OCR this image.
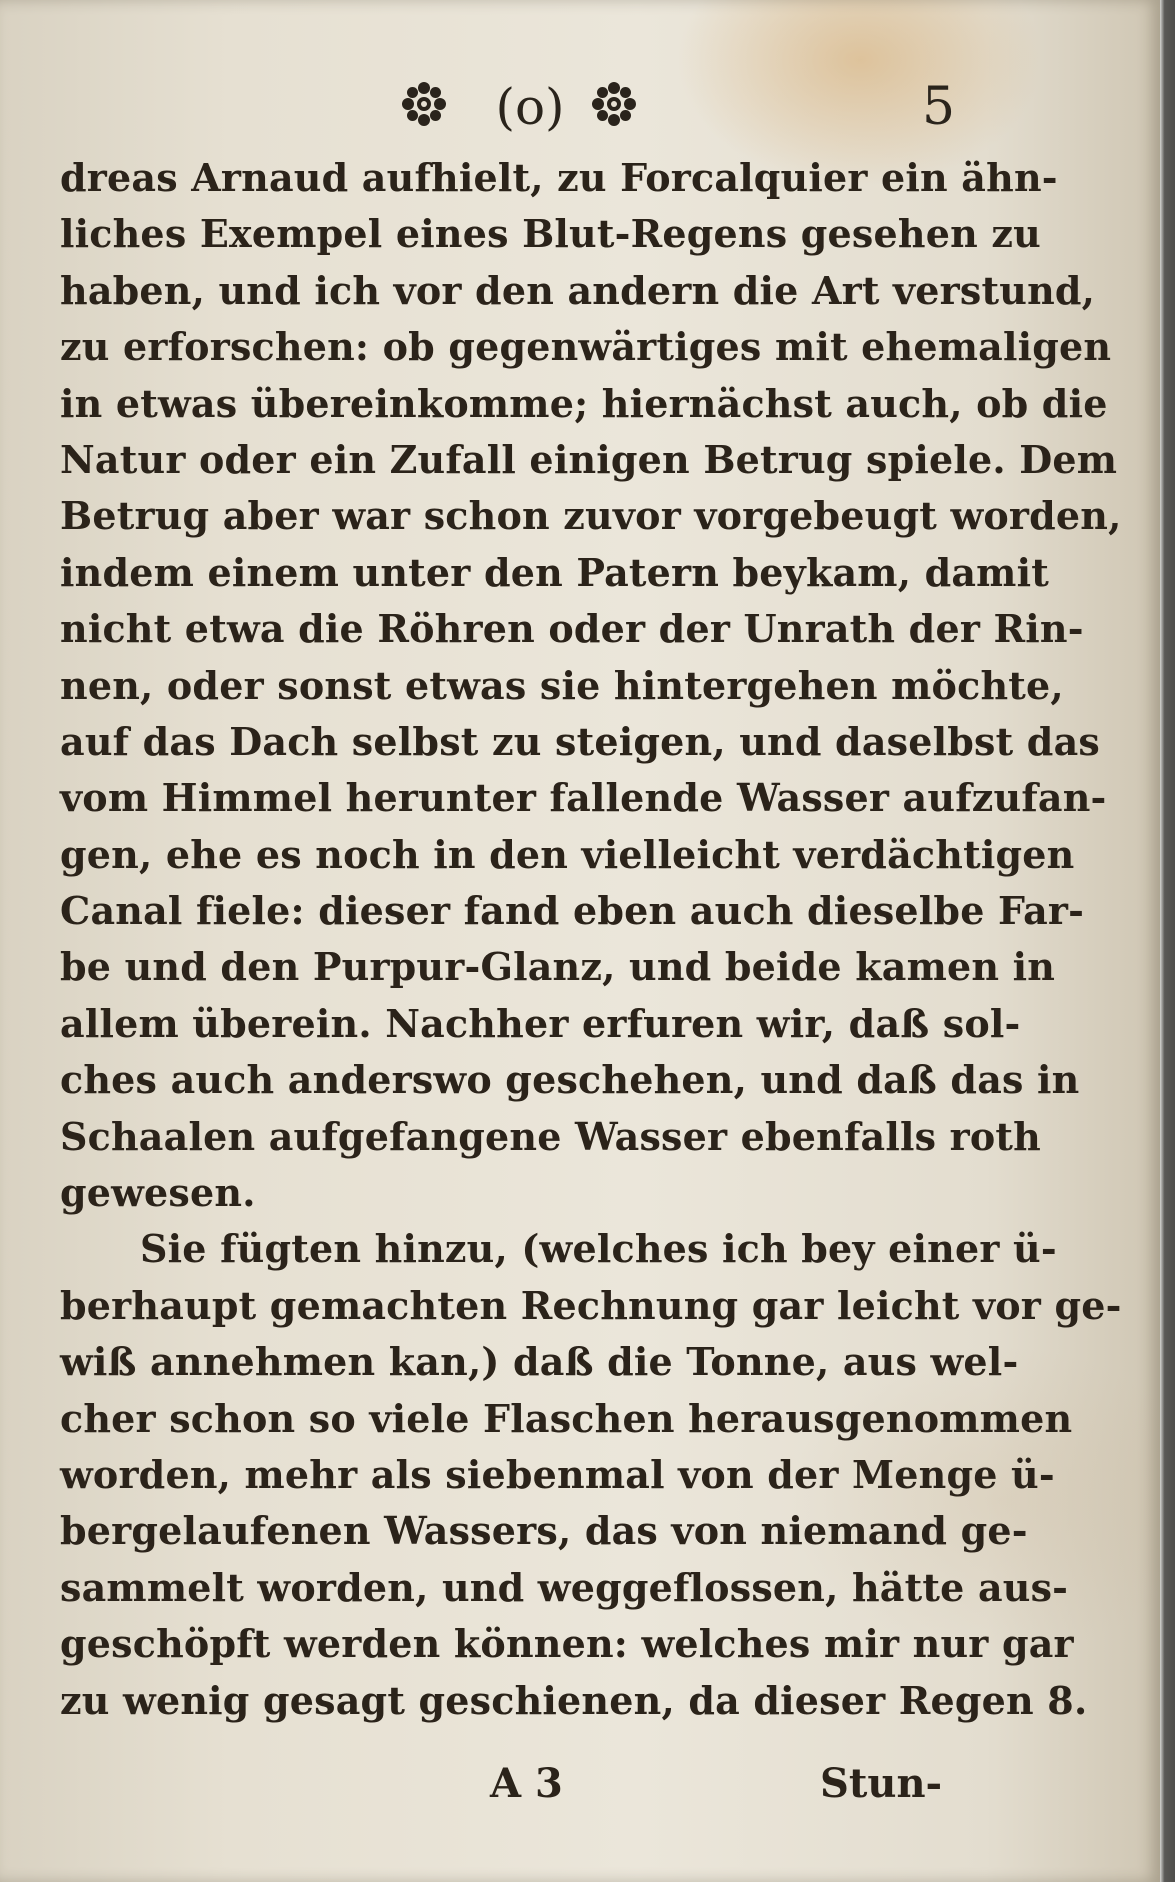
(o)	5
dreas Arnaud aufhielt, zu Forcalquier ein ähn-
liches Exempel eines Blut-Regens gesehen zu
haben, und ich vor den andern die Art verstund,
zu erforschen: ob gegenwärtiges mit ehemaligen
in etwas übereinkomme; hiernächst auch, ob die
Natur oder ein Zufall einigen Betrug spiele. Dem
Betrug aber war schon zuvor vorgebeugt worden,
indem einem unter den Patern beykam, damit
nicht etwa die Röhren oder der Unrath der Rin-
nen, oder sonst etwas sie hintergehen möchte,
auf das Dach selbst zu steigen, und daselbst das
vom Himmel herunter fallende Wasser aufzufan-
gen, ehe es noch in den vielleicht verdächtigen
Canal fiele: dieser fand eben auch dieselbe Far-
be und den Purpur-Glanz, und beide kamen in
allem überein. Nachher erfuren wir, daß sol-
ches auch anderswo geschehen, und daß das in
Schaalen aufgefangene Wasser ebenfalls roth
gewesen.
Sie fügten hinzu, (welches ich bey einer ü-
berhaupt gemachten Rechnung gar leicht vor ge-
wiß annehmen kan,) daß die Tonne, aus wel-
cher schon so viele Flaschen herausgenommen
worden, mehr als siebenmal von der Menge ü-
bergelaufenen Wassers, das von niemand ge-
sammelt worden, und weggeflossen, hätte aus-
geschöpft werden können: welches mir nur gar
zu wenig gesagt geschienen, da dieser Regen 8.
A 3	Stun-
